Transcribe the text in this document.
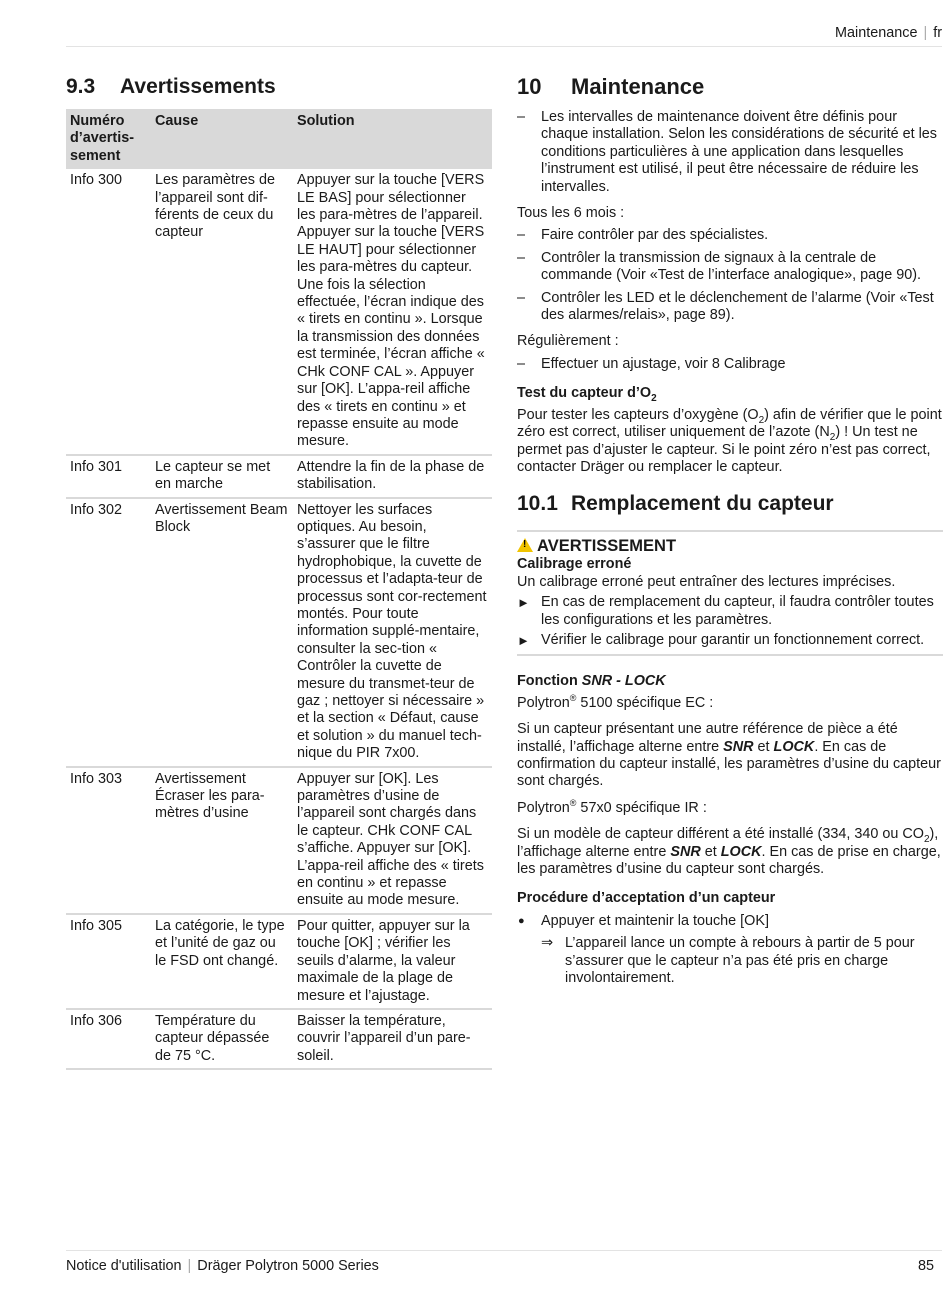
Maintenance | fr
9.3 Avertissements
Numéro d’avertis-sement	Cause	Solution
Info 300	Les paramètres de l’appareil sont dif-férents de ceux du capteur	Appuyer sur la touche [VERS LE BAS] pour sélectionner les para-mètres de l’appareil. Appuyer sur la touche [VERS LE HAUT] pour sélectionner les para-mètres du capteur. Une fois la sélection effectuée, l’écran indique des « tirets en continu ». Lorsque la transmission des données est terminée, l’écran affiche « CHk CONF CAL ». Appuyer sur [OK]. L’appa-reil affiche des « tirets en continu » et repasse ensuite au mode mesure.
Info 301	Le capteur se met en marche	Attendre la fin de la phase de stabilisation.
Info 302	Avertissement Beam Block	Nettoyer les surfaces optiques. Au besoin, s’assurer que le filtre hydrophobique, la cuvette de processus et l’adapta-teur de processus sont cor-rectement montés. Pour toute information supplé-mentaire, consulter la sec-tion « Contrôler la cuvette de mesure du transmet-teur de gaz ; nettoyer si nécessaire » et la section « Défaut, cause et solution » du manuel tech-nique du PIR 7x00.
Info 303	Avertissement Écraser les para-mètres d’usine	Appuyer sur [OK]. Les paramètres d’usine de l’appareil sont chargés dans le capteur. CHk CONF CAL s’affiche. Appuyer sur [OK]. L’appa-reil affiche des « tirets en continu » et repasse ensuite au mode mesure.
Info 305	La catégorie, le type et l’unité de gaz ou le FSD ont changé.	Pour quitter, appuyer sur la touche [OK] ; vérifier les seuils d’alarme, la valeur maximale de la plage de mesure et l’ajustage.
Info 306	Température du capteur dépassée de 75 °C.	Baisser la température, couvrir l’appareil d’un pare-soleil.
10 Maintenance

– Les intervalles de maintenance doivent être définis pour chaque installation. Selon les considérations de sécurité et les conditions particulières à une application dans lesquelles l’instrument est utilisé, il peut être nécessaire de réduire les intervalles.

Tous les 6 mois :

– Faire contrôler par des spécialistes.

– Contrôler la transmission de signaux à la centrale de commande (Voir «Test de l’interface analogique», page 90).

– Contrôler les LED et le déclenchement de l’alarme (Voir «Test des alarmes/relais», page 89).

Régulièrement :

– Effectuer un ajustage, voir 8 Calibrage

Test du capteur $d’O_2$

Pour tester les capteurs d’oxygène $(O_2)$ afin de vérifier que le point zéro est correct, utiliser uniquement de l’azote $(N_2)$ ! Un test ne permet pas d’ajuster le capteur. Si le point zéro n’est pas correct, contacter Dräger ou remplacer le capteur.

10.1 Remplacement du capteur
!AVERTISSEMENT

Calibrage erroné

Un calibrage erroné peut entraîner des lectures imprécises.

► En cas de remplacement du capteur, il faudra contrôler toutes les configurations et les paramètres.

► Vérifier le calibrage pour garantir un fonctionnement correct.

Fonction SNR - LOCK

Polytron® 5100 spécifique EC :

Si un capteur présentant une autre référence de pièce a été installé, l’affichage alterne entre SNR et LOCK. En cas de confirmation du capteur installé, les paramètres d’usine du capteur sont chargés.

Polytron® 57x0 spécifique IR :

Si un modèle de capteur différent a été installé (334, 340 ou $CO_2$), l’affichage alterne entre SNR et LOCK. En cas de prise en charge, les paramètres d’usine du capteur sont chargés.

Procédure d’acceptation d’un capteur

● Appuyer et maintenir la touche [OK]

⇒ L’appareil lance un compte à rebours à partir de 5 pour s’assurer que le capteur n’a pas été pris en charge involontairement.

Notice d'utilisation | Dräger Polytron 5000 Series	85
